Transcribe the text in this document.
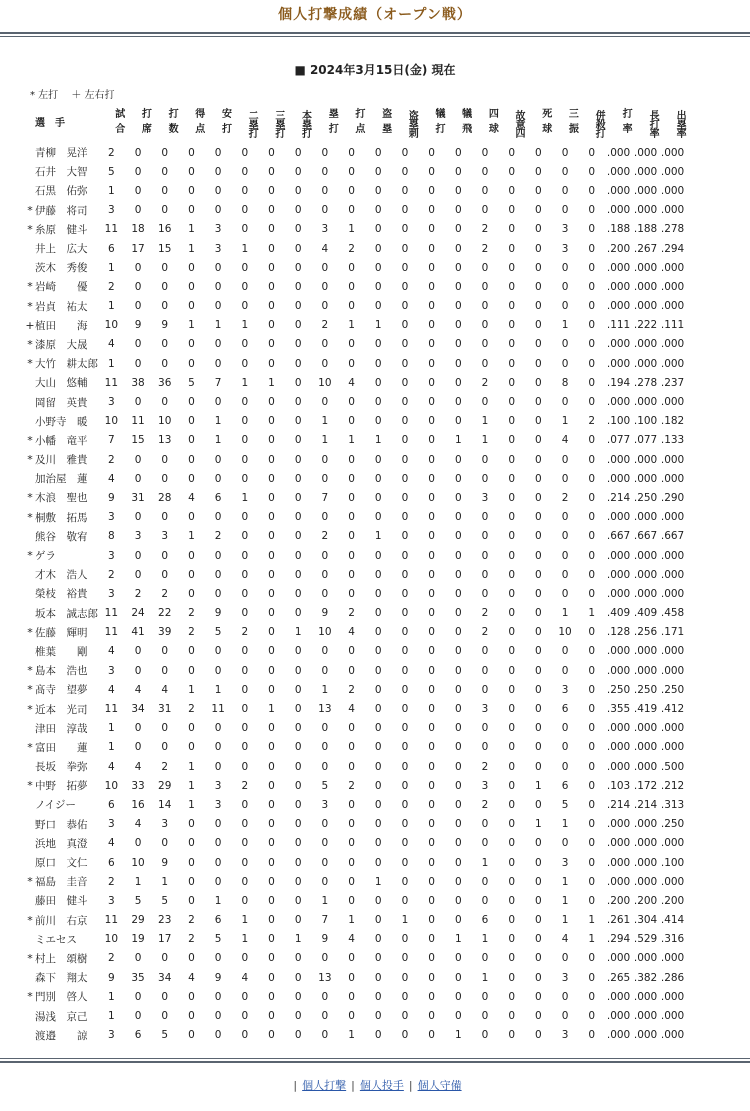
個人打撃成績（オープン戦）
■ 2024年3月15日(金) 現在
* 左打 ＋ 左右打
選　手		試合	打席	打数	得点	安打	二塁打	三塁打	本塁打	塁打	打点	盗塁	盗塁刺	犠打	犠飛	四球	故意四	死球	三振	併殺打	打率	長打率	出塁率
	青柳　晃洋	2	0	0	0	0	0	0	0	0	0	0	0	0	0	0	0	0	0	0	.000	.000	.000
	石井　大智	5	0	0	0	0	0	0	0	0	0	0	0	0	0	0	0	0	0	0	.000	.000	.000
	石黒　佑弥	1	0	0	0	0	0	0	0	0	0	0	0	0	0	0	0	0	0	0	.000	.000	.000
*	伊藤　将司	3	0	0	0	0	0	0	0	0	0	0	0	0	0	0	0	0	0	0	.000	.000	.000
*	糸原　健斗	11	18	16	1	3	0	0	0	3	1	0	0	0	0	2	0	0	3	0	.188	.188	.278
	井上　広大	6	17	15	1	3	1	0	0	4	2	0	0	0	0	2	0	0	3	0	.200	.267	.294
	茨木　秀俊	1	0	0	0	0	0	0	0	0	0	0	0	0	0	0	0	0	0	0	.000	.000	.000
*	岩崎　　優	2	0	0	0	0	0	0	0	0	0	0	0	0	0	0	0	0	0	0	.000	.000	.000
*	岩貞　祐太	1	0	0	0	0	0	0	0	0	0	0	0	0	0	0	0	0	0	0	.000	.000	.000
+	植田　　海	10	9	9	1	1	1	0	0	2	1	1	0	0	0	0	0	0	1	0	.111	.222	.111
*	漆原　大晟	4	0	0	0	0	0	0	0	0	0	0	0	0	0	0	0	0	0	0	.000	.000	.000
*	大竹　耕太郎	1	0	0	0	0	0	0	0	0	0	0	0	0	0	0	0	0	0	0	.000	.000	.000
	大山　悠輔	11	38	36	5	7	1	1	0	10	4	0	0	0	0	2	0	0	8	0	.194	.278	.237
	岡留　英貴	3	0	0	0	0	0	0	0	0	0	0	0	0	0	0	0	0	0	0	.000	.000	.000
	小野寺　暖	10	11	10	0	1	0	0	0	1	0	0	0	0	0	1	0	0	1	2	.100	.100	.182
*	小幡　竜平	7	15	13	0	1	0	0	0	1	1	1	0	0	1	1	0	0	4	0	.077	.077	.133
*	及川　雅貴	2	0	0	0	0	0	0	0	0	0	0	0	0	0	0	0	0	0	0	.000	.000	.000
	加治屋　蓮	4	0	0	0	0	0	0	0	0	0	0	0	0	0	0	0	0	0	0	.000	.000	.000
*	木浪　聖也	9	31	28	4	6	1	0	0	7	0	0	0	0	0	3	0	0	2	0	.214	.250	.290
*	桐敷　拓馬	3	0	0	0	0	0	0	0	0	0	0	0	0	0	0	0	0	0	0	.000	.000	.000
	熊谷　敬宥	8	3	3	1	2	0	0	0	2	0	1	0	0	0	0	0	0	0	0	.667	.667	.667
*	ゲラ	3	0	0	0	0	0	0	0	0	0	0	0	0	0	0	0	0	0	0	.000	.000	.000
	才木　浩人	2	0	0	0	0	0	0	0	0	0	0	0	0	0	0	0	0	0	0	.000	.000	.000
	榮枝　裕貴	3	2	2	0	0	0	0	0	0	0	0	0	0	0	0	0	0	0	0	.000	.000	.000
	坂本　誠志郎	11	24	22	2	9	0	0	0	9	2	0	0	0	0	2	0	0	1	1	.409	.409	.458
*	佐藤　輝明	11	41	39	2	5	2	0	1	10	4	0	0	0	0	2	0	0	10	0	.128	.256	.171
	椎葉　　剛	4	0	0	0	0	0	0	0	0	0	0	0	0	0	0	0	0	0	0	.000	.000	.000
*	島本　浩也	3	0	0	0	0	0	0	0	0	0	0	0	0	0	0	0	0	0	0	.000	.000	.000
*	髙寺　望夢	4	4	4	1	1	0	0	0	1	2	0	0	0	0	0	0	0	3	0	.250	.250	.250
*	近本　光司	11	34	31	2	11	0	1	0	13	4	0	0	0	0	3	0	0	6	0	.355	.419	.412
	津田　淳哉	1	0	0	0	0	0	0	0	0	0	0	0	0	0	0	0	0	0	0	.000	.000	.000
*	富田　　蓮	1	0	0	0	0	0	0	0	0	0	0	0	0	0	0	0	0	0	0	.000	.000	.000
	長坂　拳弥	4	4	2	1	0	0	0	0	0	0	0	0	0	0	2	0	0	0	0	.000	.000	.500
*	中野　拓夢	10	33	29	1	3	2	0	0	5	2	0	0	0	0	3	0	1	6	0	.103	.172	.212
	ノイジー	6	16	14	1	3	0	0	0	3	0	0	0	0	0	2	0	0	5	0	.214	.214	.313
	野口　恭佑	3	4	3	0	0	0	0	0	0	0	0	0	0	0	0	0	1	1	0	.000	.000	.250
	浜地　真澄	4	0	0	0	0	0	0	0	0	0	0	0	0	0	0	0	0	0	0	.000	.000	.000
	原口　文仁	6	10	9	0	0	0	0	0	0	0	0	0	0	0	1	0	0	3	0	.000	.000	.100
*	福島　圭音	2	1	1	0	0	0	0	0	0	0	1	0	0	0	0	0	0	1	0	.000	.000	.000
	藤田　健斗	3	5	5	0	1	0	0	0	1	0	0	0	0	0	0	0	0	1	0	.200	.200	.200
*	前川　右京	11	29	23	2	6	1	0	0	7	1	0	1	0	0	6	0	0	1	1	.261	.304	.414
	ミエセス	10	19	17	2	5	1	0	1	9	4	0	0	0	1	1	0	0	4	1	.294	.529	.316
*	村上　頌樹	2	0	0	0	0	0	0	0	0	0	0	0	0	0	0	0	0	0	0	.000	.000	.000
	森下　翔太	9	35	34	4	9	4	0	0	13	0	0	0	0	0	1	0	0	3	0	.265	.382	.286
*	門別　啓人	1	0	0	0	0	0	0	0	0	0	0	0	0	0	0	0	0	0	0	.000	.000	.000
	湯浅　京己	1	0	0	0	0	0	0	0	0	0	0	0	0	0	0	0	0	0	0	.000	.000	.000
	渡邉　　諒	3	6	5	0	0	0	0	0	0	1	0	0	0	1	0	0	0	3	0	.000	.000	.000
| 個人打撃 | 個人投手 | 個人守備
